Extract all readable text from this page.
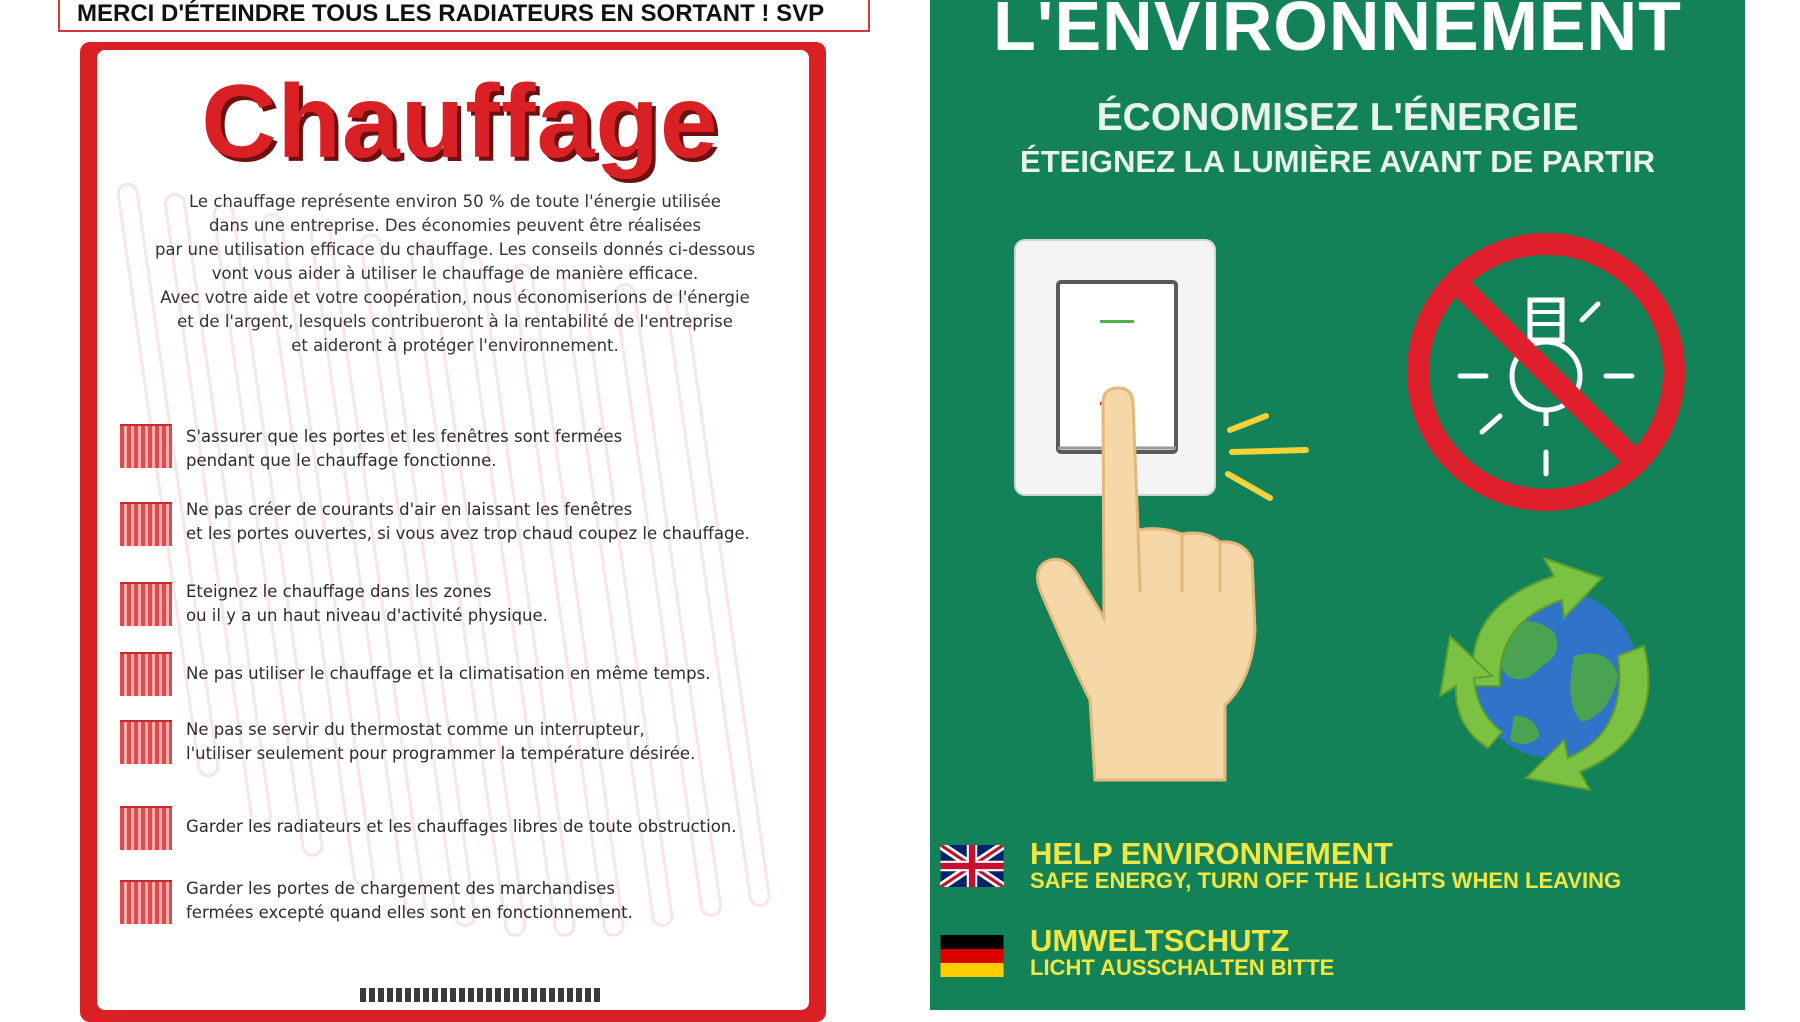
MERCI D'ÉTEINDRE TOUS LES RADIATEURS EN SORTANT ! SVP
Chauffage
Le chauffage représente environ 50 % de toute l'énergie utilisée
dans une entreprise. Des économies peuvent être réalisées
par une utilisation efficace du chauffage. Les conseils donnés ci-dessous
vont vous aider à utiliser le chauffage de manière efficace.
Avec votre aide et votre coopération, nous économiserions de l'énergie
et de l'argent, lesquels contribueront à la rentabilité de l'entreprise
et aideront à protéger l'environnement.
S'assurer que les portes et les fenêtres sont fermées
pendant que le chauffage fonctionne.
Ne pas créer de courants d'air en laissant les fenêtres
et les portes ouvertes, si vous avez trop chaud coupez le chauffage.
Eteignez le chauffage dans les zones
ou il y a un haut niveau d'activité physique.
Ne pas utiliser le chauffage et la climatisation en même temps.
Ne pas se servir du thermostat comme un interrupteur,
l'utiliser seulement pour programmer la température désirée.
Garder les radiateurs et les chauffages libres de toute obstruction.
Garder les portes de chargement des marchandises
fermées excepté quand elles sont en fonctionnement.
L'ENVIRONNEMENT
ÉCONOMISEZ L'ÉNERGIE
ÉTEIGNEZ LA LUMIÈRE AVANT DE PARTIR
HELP ENVIRONNEMENT
SAFE ENERGY, TURN OFF THE LIGHTS WHEN LEAVING
UMWELTSCHUTZ
LICHT AUSSCHALTEN BITTE
